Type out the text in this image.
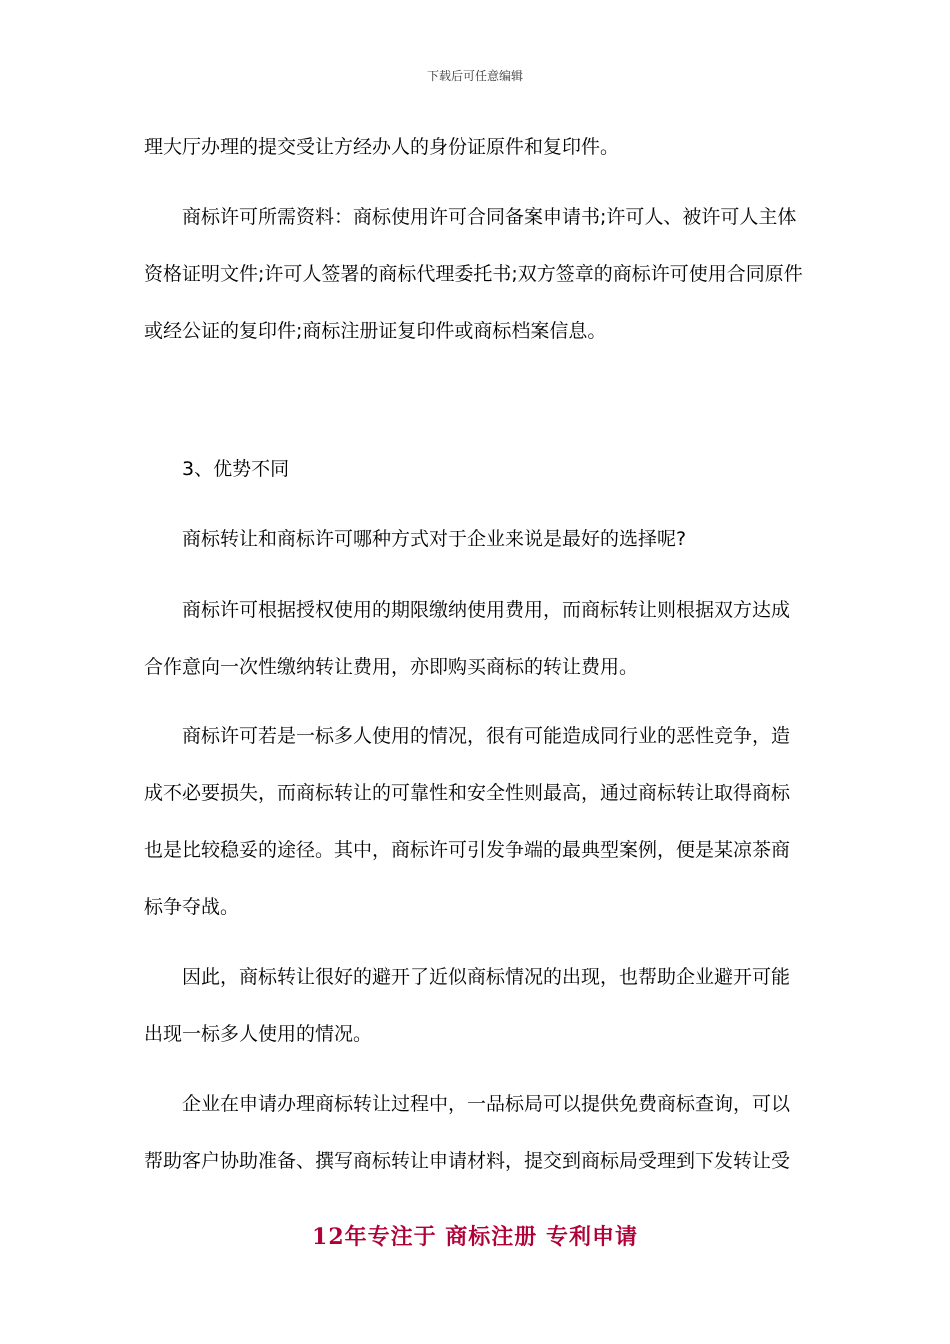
下载后可任意编辑
理大厅办理的提交受让方经办人的身份证原件和复印件。
商标许可所需资料：商标使用许可合同备案申请书;许可人、被许可人主体
资格证明文件;许可人签署的商标代理委托书;双方签章的商标许可使用合同原件
或经公证的复印件;商标注册证复印件或商标档案信息。
3、优势不同
商标转让和商标许可哪种方式对于企业来说是最好的选择呢?
商标许可根据授权使用的期限缴纳使用费用，而商标转让则根据双方达成
合作意向一次性缴纳转让费用，亦即购买商标的转让费用。
商标许可若是一标多人使用的情况，很有可能造成同行业的恶性竞争，造
成不必要损失，而商标转让的可靠性和安全性则最高，通过商标转让取得商标
也是比较稳妥的途径。其中，商标许可引发争端的最典型案例，便是某凉茶商
标争夺战。
因此，商标转让很好的避开了近似商标情况的出现，也帮助企业避开可能
出现一标多人使用的情况。
企业在申请办理商标转让过程中，一品标局可以提供免费商标查询，可以
帮助客户协助准备、撰写商标转让申请材料，提交到商标局受理到下发转让受
12年专注于 商标注册 专利申请
